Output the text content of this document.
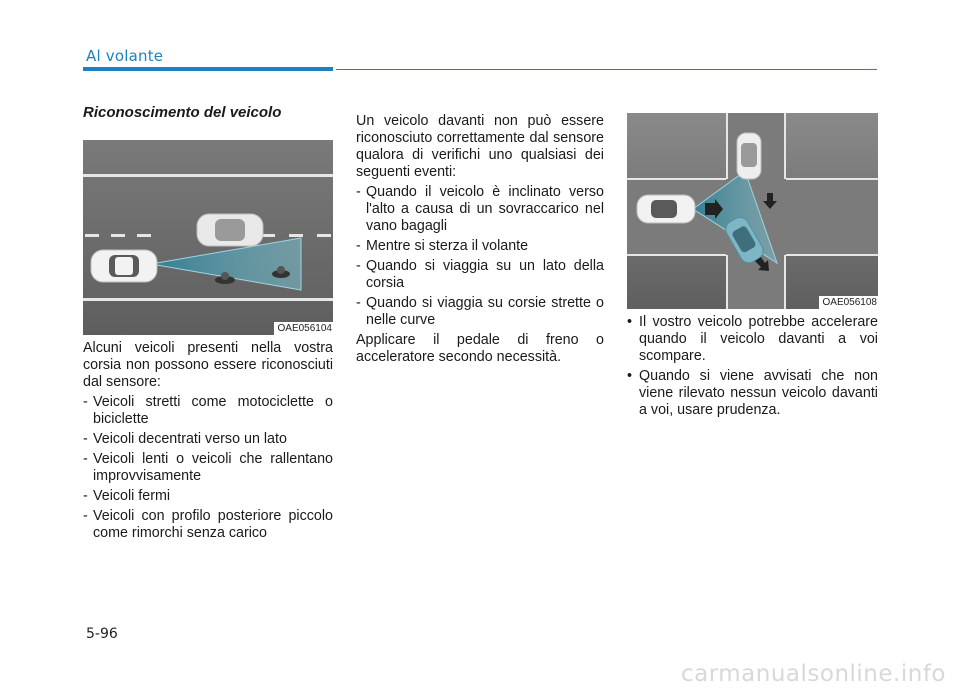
Al volante

Riconoscimento del veicolo

OAE056104

Alcuni veicoli presenti nella vostra corsia non possono essere riconosciuti dal sensore:

- Veicoli stretti come motociclette o biciclette
- Veicoli decentrati verso un lato
- Veicoli lenti o veicoli che rallentano improvvisamente
- Veicoli fermi
- Veicoli con profilo posteriore piccolo come rimorchi senza carico

Un veicolo davanti non può essere riconosciuto correttamente dal sensore qualora di verifichi uno qualsiasi dei seguenti eventi:

- Quando il veicolo è inclinato verso l'alto a causa di un sovraccarico nel vano bagagli
- Mentre si sterza il volante
- Quando si viaggia su un lato della corsia
- Quando si viaggia su corsie strette o nelle curve

Applicare il pedale di freno o acceleratore secondo necessità.

OAE056108
• Il vostro veicolo potrebbe accelerare quando il veicolo davanti a voi scompare.
• Quando si viene avvisati che non viene rilevato nessun veicolo davanti a voi, usare prudenza.
5-96
carmanualsonline.info
